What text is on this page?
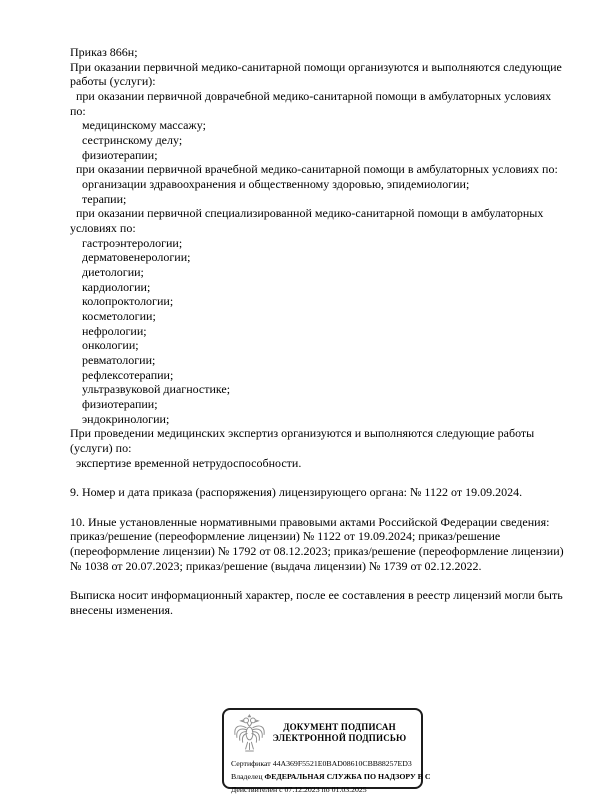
Приказ 866н;
При оказании первичной медико-санитарной помощи организуются и выполняются следующие
работы (услуги):
при оказании первичной доврачебной медико-санитарной помощи в амбулаторных условиях
по:
медицинскому массажу;
сестринскому делу;
физиотерапии;
при оказании первичной врачебной медико-санитарной помощи в амбулаторных условиях по:
организации здравоохранения и общественному здоровью, эпидемиологии;
терапии;
при оказании первичной специализированной медико-санитарной помощи в амбулаторных
условиях по:
гастроэнтерологии;
дерматовенерологии;
диетологии;
кардиологии;
колопроктологии;
косметологии;
нефрологии;
онкологии;
ревматологии;
рефлексотерапии;
ультразвуковой диагностике;
физиотерапии;
эндокринологии;
При проведении медицинских экспертиз организуются и выполняются следующие работы
(услуги) по:
экспертизе временной нетрудоспособности.

9. Номер и дата приказа (распоряжения) лицензирующего органа: № 1122 от 19.09.2024.

10. Иные установленные нормативными правовыми актами Российской Федерации сведения:
приказ/решение (переоформление лицензии) № 1122 от 19.09.2024; приказ/решение
(переоформление лицензии) № 1792 от 08.12.2023; приказ/решение (переоформление лицензии)
№ 1038 от 20.07.2023; приказ/решение (выдача лицензии) № 1739 от 02.12.2022.

Выписка носит информационный характер, после ее составления в реестр лицензий могли быть
внесены изменения.
ДОКУМЕНТ ПОДПИСАН
ЭЛЕКТРОННОЙ ПОДПИСЬЮ
Сертификат 44A369F5521E0BAD08610CBB88257ED3
Владелец ФЕДЕРАЛЬНАЯ СЛУЖБА ПО НАДЗОРУ В С
Действителен с 07.12.2023 по 01.03.2025
